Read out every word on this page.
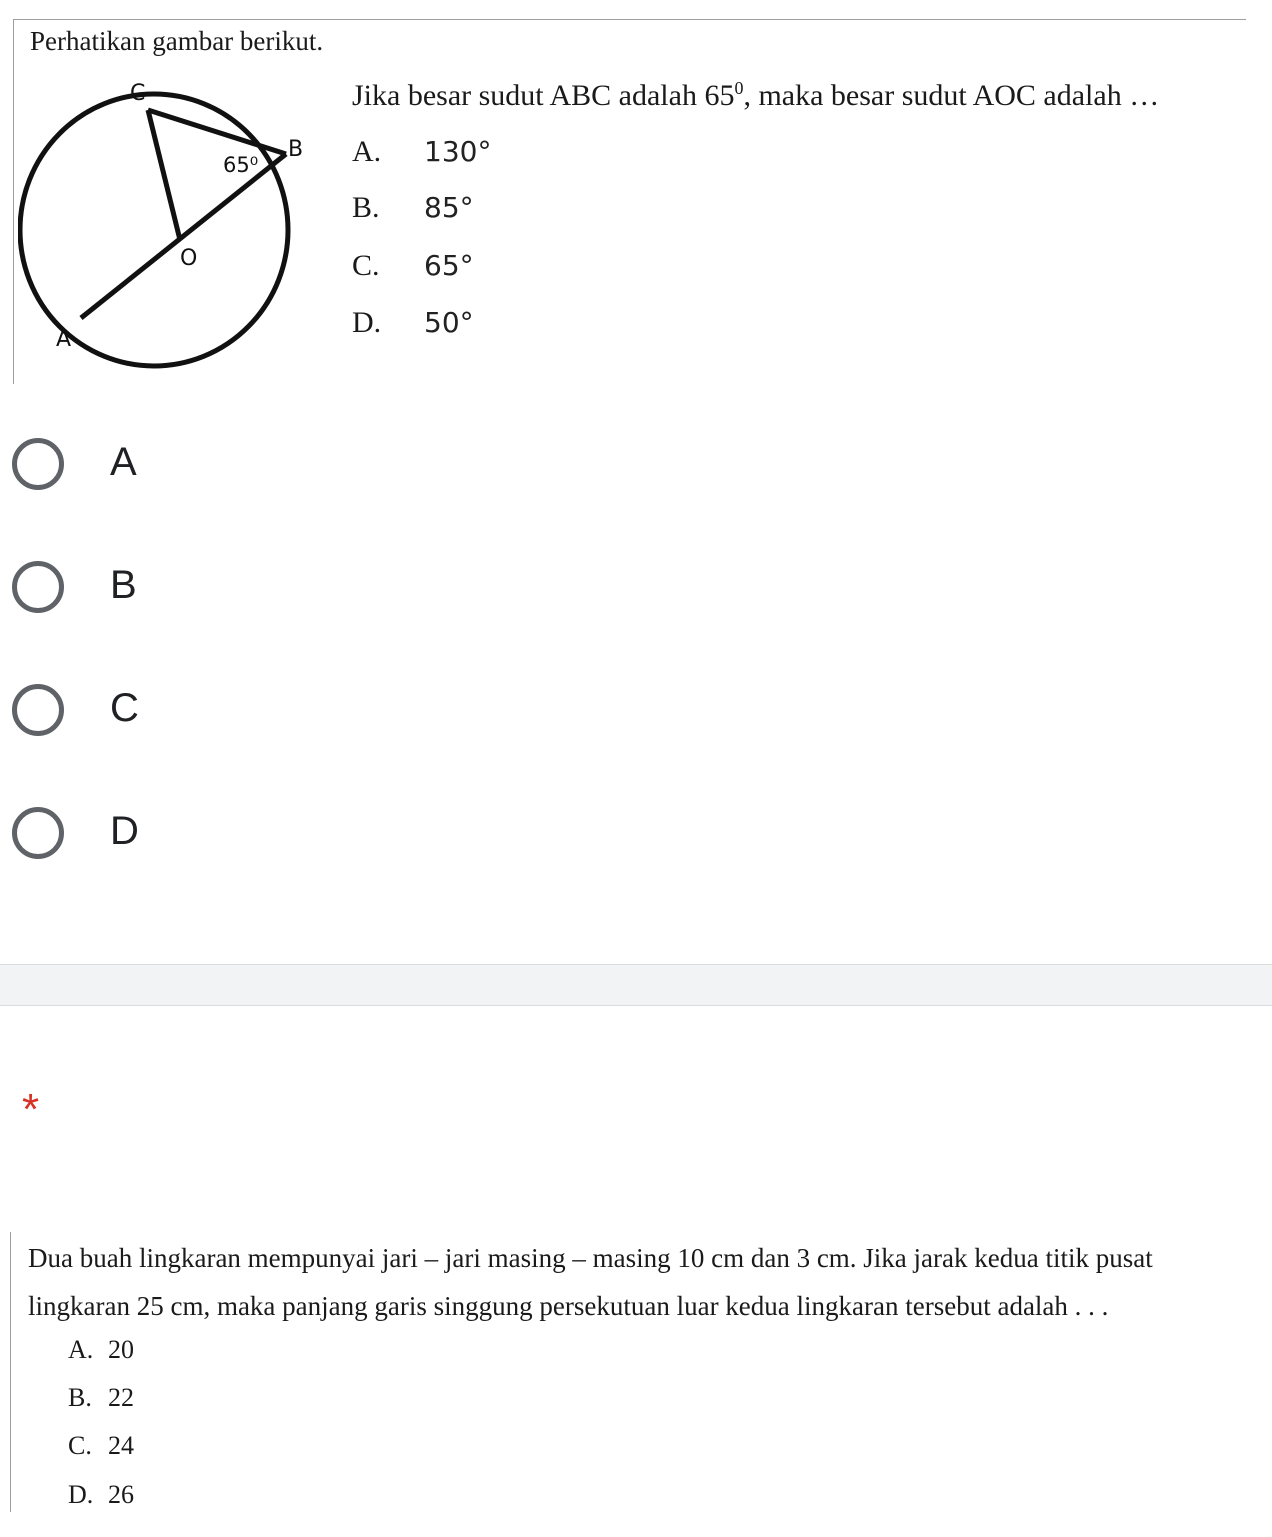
Perhatikan gambar berikut.
C
B
O
A
65⁰
Jika besar sudut ABC adalah $65^0$, maka besar sudut AOC adalah …
A. 130°
B. 85°
C. 65°
D. 50°
A
B
C
D
*
Dua buah lingkaran mempunyai jari – jari masing – masing 10 cm dan 3 cm. Jika jarak kedua titik pusat lingkaran 25 cm, maka panjang garis singgung persekutuan luar kedua lingkaran tersebut adalah . . .
A. 20
B. 22
C. 24
D. 26
